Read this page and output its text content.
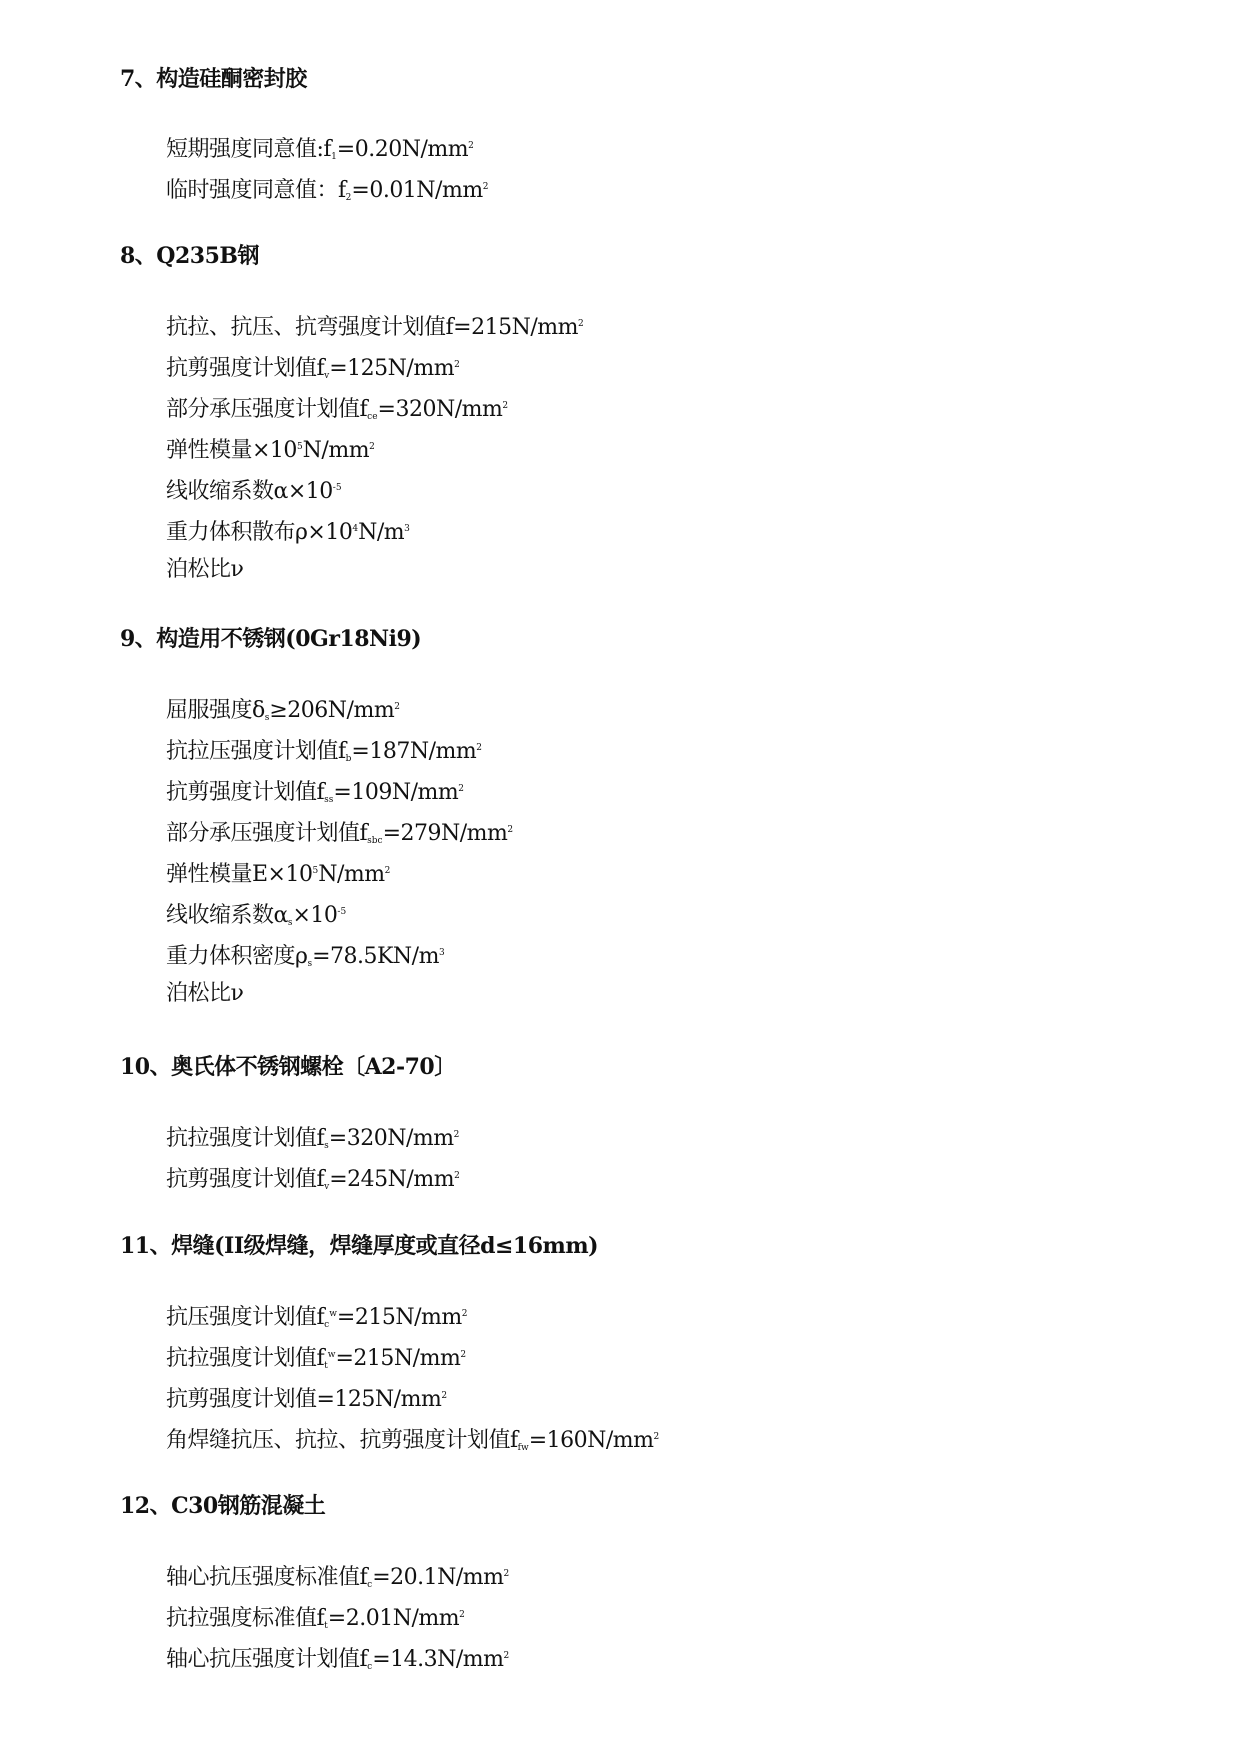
7、构造硅酮密封胶
短期强度同意值$:f_1=0.20N/mm^2$
临时强度同意值：$f_2=0.01N/mm^2$
8、Q235B钢
抗拉、抗压、抗弯强度计划值$f=215N/mm^2$
抗剪强度计划值$f_v=125N/mm^2$
部分承压强度计划值$f_{ce}=320N/mm^2$
弹性模量$\times 10^5N/mm^2$
线收缩系数$\alpha\times 10^{-5}$
重力体积散布$\rho\times 10^4N/m^3$
泊松比ν
9、构造用不锈钢(0Gr18Ni9)
屈服强度$\delta_s\ge 206N/mm^2$
抗拉压强度计划值$f_b=187N/mm^2$
抗剪强度计划值$f_{ss}=109N/mm^2$
部分承压强度计划值$f_{sbc}=279N/mm^2$
弹性模量$E\times 10^5N/mm^2$
线收缩系数$\alpha_s\times 10^{-5}$
重力体积密度$\rho_s=78.5KN/m^3$
泊松比ν
10、奥氏体不锈钢螺栓〔A2-70〕
抗拉强度计划值$f_s=320N/mm^2$
抗剪强度计划值$f_v=245N/mm^2$
11、焊缝(II级焊缝，焊缝厚度或直径d≤16mm)
抗压强度计划值$f_c^w=215N/mm^2$
抗拉强度计划值$f_t^w=215N/mm^2$
抗剪强度计划值$=125N/mm^2$
角焊缝抗压、抗拉、抗剪强度计划值$f_{fw}=160N/mm^2$
12、C30钢筋混凝土
轴心抗压强度标准值$f_c=20.1N/mm^2$
抗拉强度标准值$f_t=2.01N/mm^2$
轴心抗压强度计划值$f_c=14.3N/mm^2$
